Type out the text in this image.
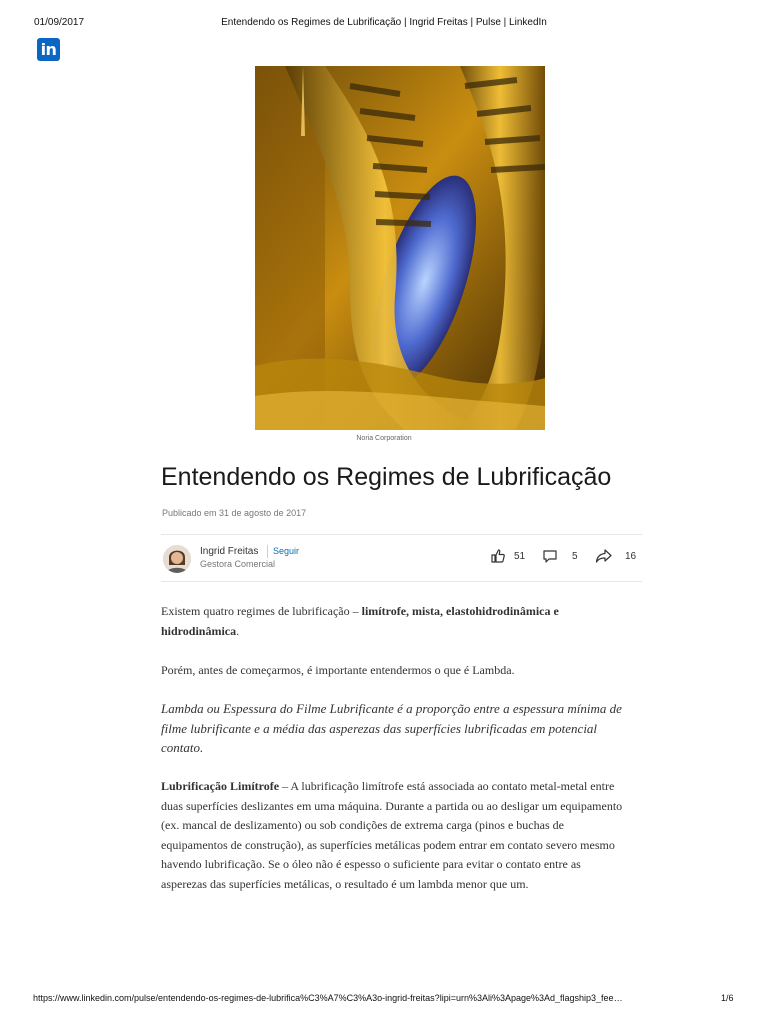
01/09/2017	Entendendo os Regimes de Lubrificação | Ingrid Freitas | Pulse | LinkedIn
in
Noria Corporation
Entendendo os Regimes de Lubrificação
Publicado em 31 de agosto de 2017
Ingrid Freitas Seguir
Gestora Comercial
51	5	16

Existem quatro regimes de lubrificação – limítrofe, mista, elastohidrodinâmica e hidrodinâmica.

Porém, antes de começarmos, é importante entendermos o que é Lambda.

Lambda ou Espessura do Filme Lubrificante é a proporção entre a espessura mínima de filme lubrificante e a média das asperezas das superfícies lubrificadas em potencial contato.

Lubrificação Limítrofe – A lubrificação limítrofe está associada ao contato metal-metal entre duas superfícies deslizantes em uma máquina. Durante a partida ou ao desligar um equipamento (ex. mancal de deslizamento) ou sob condições de extrema carga (pinos e buchas de equipamentos de construção), as superfícies metálicas podem entrar em contato severo mesmo havendo lubrificação. Se o óleo não é espesso o suficiente para evitar o contato entre as asperezas das superfícies metálicas, o resultado é um lambda menor que um.

https://www.linkedin.com/pulse/entendendo-os-regimes-de-lubrifica%C3%A7%C3%A3o-ingrid-freitas?lipi=urn%3Ali%3Apage%3Ad_flagship3_fee…	1/6
